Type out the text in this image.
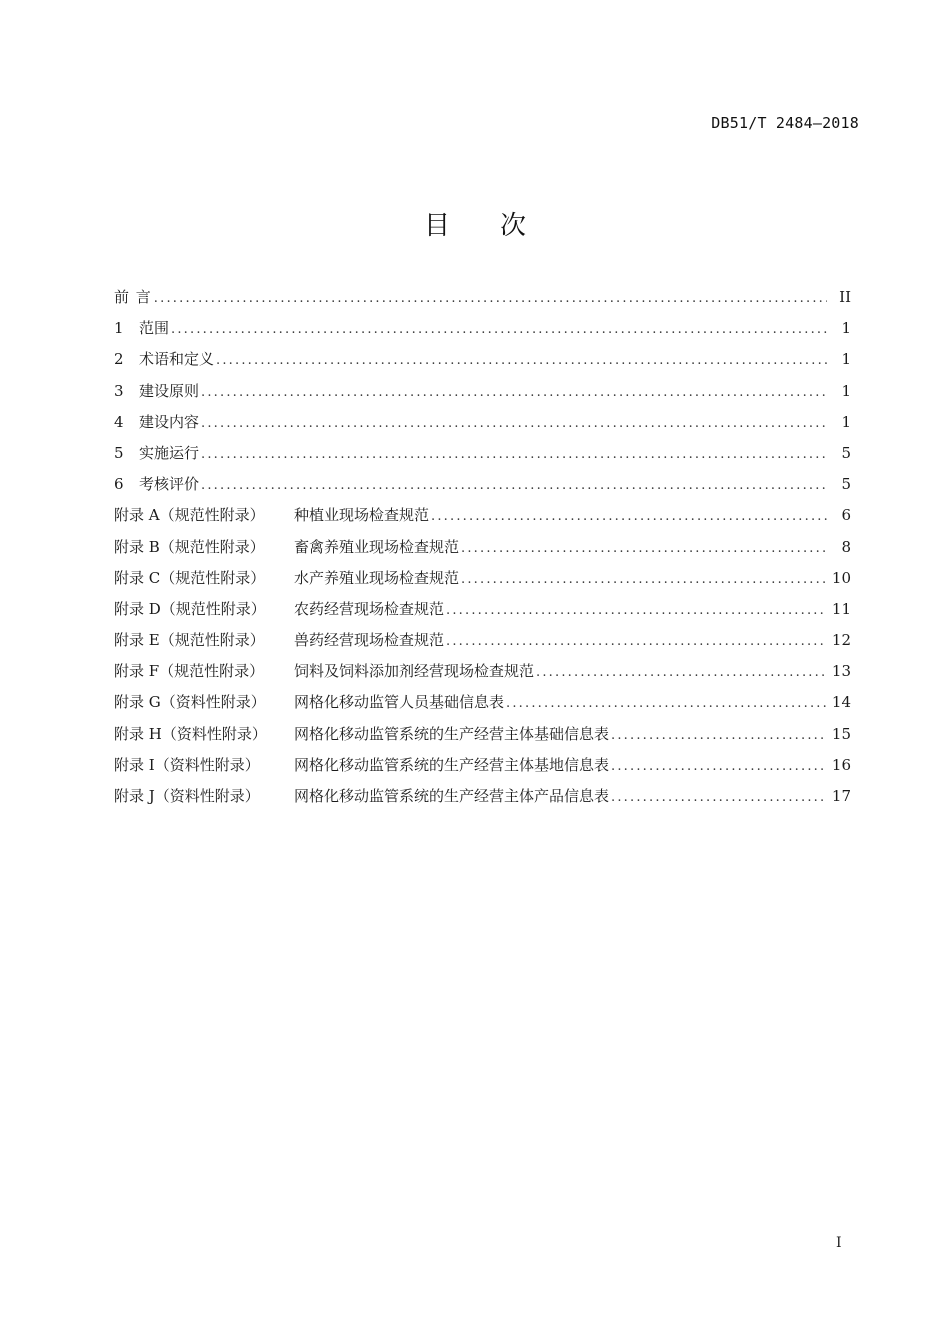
DB51/T 2484—2018
目 次
前 言 .....	II
1	范围 .....	1
2	术语和定义 .....	1
3	建设原则 .....	1
4	建设内容 .....	1
5	实施运行 .....	5
6	考核评价 .....	5
附录 A（规范性附录）	种植业现场检查规范 .....	6
附录 B（规范性附录）	畜禽养殖业现场检查规范 .....	8
附录 C（规范性附录）	水产养殖业现场检查规范 .....	10
附录 D（规范性附录）	农药经营现场检查规范 .....	11
附录 E（规范性附录）	兽药经营现场检查规范 .....	12
附录 F（规范性附录）	饲料及饲料添加剂经营现场检查规范 .....	13
附录 G（资料性附录）	网格化移动监管人员基础信息表 .....	14
附录 H（资料性附录）	网格化移动监管系统的生产经营主体基础信息表 .....	15
附录 I（资料性附录）	网格化移动监管系统的生产经营主体基地信息表 .....	16
附录 J（资料性附录）	网格化移动监管系统的生产经营主体产品信息表 .....	17
I
